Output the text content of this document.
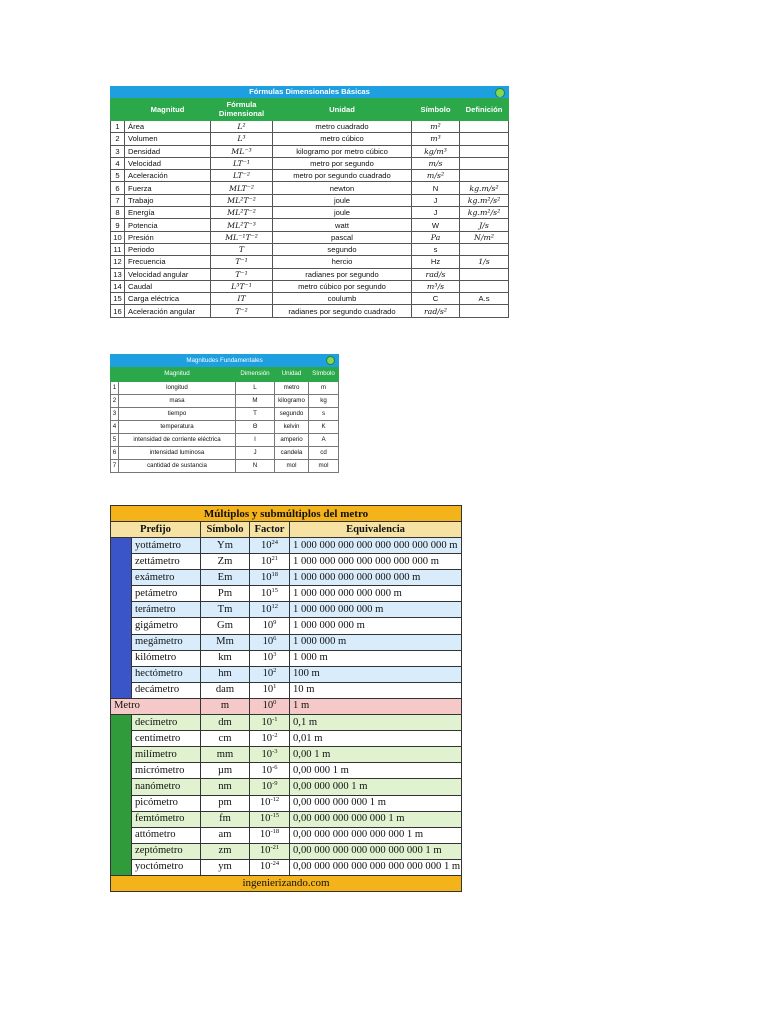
Fórmulas Dimensionales Básicas					

	Magnitud	Fórmula Dimensional	Unidad	Símbolo	Definición
1	Área	L²	metro cuadrado	m²	
2	Volumen	L³	metro cúbico	m³	
3	Densidad	ML⁻³	kilogramo por metro cúbico	kg/m³	
4	Velocidad	LT⁻¹	metro por segundo	m/s	
5	Aceleración	LT⁻²	metro por segundo cuadrado	m/s²	
6	Fuerza	MLT⁻²	newton	N	kg.m/s²
7	Trabajo	ML²T⁻²	joule	J	kg.m²/s²
8	Energía	ML²T⁻²	joule	J	kg.m²/s²
9	Potencia	ML²T⁻³	watt	W	J/s
10	Presión	ML⁻¹T⁻²	pascal	Pa	N/m²
11	Periodo	T	segundo	s	
12	Frecuencia	T⁻¹	hercio	Hz	1/s
13	Velocidad angular	T⁻¹	radianes por segundo	rad/s	
14	Caudal	L³T⁻¹	metro cúbico por segundo	m³/s	
15	Carga eléctrica	IT	coulumb	C	A.s
16	Aceleración angular	T⁻²	radianes por segundo cuadrado	rad/s²	
Magnitudes Fundamentales				

	Magnitud	Dimensión	Unidad	Símbolo
1	longitud	L	metro	m
2	masa	M	kilogramo	kg
3	tiempo	T	segundo	s
4	temperatura	Θ	kelvin	K
5	intensidad de corriente eléctrica	I	amperio	A
6	intensidad luminosa	J	candela	cd
7	cantidad de sustancia	N	mol	mol
Múltiplos y submúltiplos del metro				
Prefijo		Símbolo	Factor	Equivalencia
	yottámetro	Ym	$10^{24}$	1 000 000 000 000 000 000 000 000 m
	zettámetro	Zm	$10^{21}$	1 000 000 000 000 000 000 000 m
	exámetro	Em	$10^{18}$	1 000 000 000 000 000 000 m
	petámetro	Pm	$10^{15}$	1 000 000 000 000 000 m
	terámetro	Tm	$10^{12}$	1 000 000 000 000 m
	gigámetro	Gm	$10^9$	1 000 000 000 m
	megámetro	Mm	$10^6$	1 000 000 m
	kilómetro	km	$10^3$	1 000 m
	hectómetro	hm	$10^2$	100 m
	decámetro	dam	$10^1$	10 m
Metro		m	$10^0$	1 m
	decímetro	dm	$10^{-1}$	0,1 m
	centímetro	cm	$10^{-2}$	0,01 m
	milímetro	mm	$10^{-3}$	0,00 1 m
	micrómetro	µm	$10^{-6}$	0,00 000 1 m
	nanómetro	nm	$10^{-9}$	0,00 000 000 1 m
	picómetro	pm	$10^{-12}$	0,00 000 000 000 1 m
	femtómetro	fm	$10^{-15}$	0,00 000 000 000 000 1 m
	attómetro	am	$10^{-18}$	0,00 000 000 000 000 000 1 m
	zeptómetro	zm	$10^{-21}$	0,00 000 000 000 000 000 000 1 m
	yoctómetro	ym	$10^{-24}$	0,00 000 000 000 000 000 000 000 1 m
ingenierizando.com				
